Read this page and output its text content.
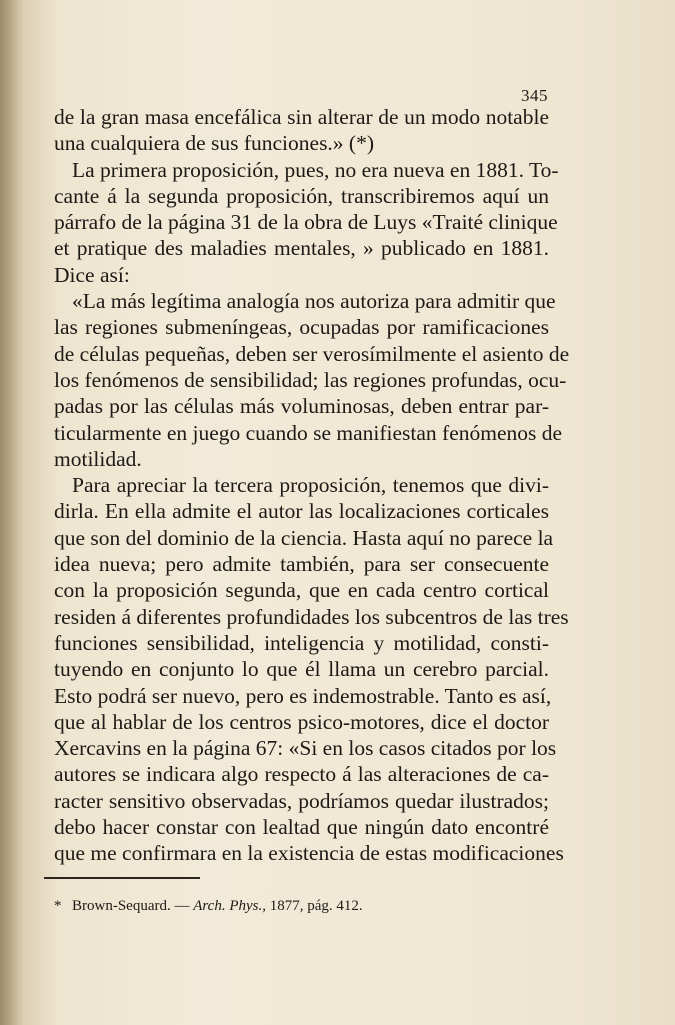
345
de la gran masa encefálica sin alterar de un modo notable
una cualquiera de sus funciones.» (*)
La primera proposición, pues, no era nueva en 1881. To-
cante á la segunda proposición, transcribiremos aquí un
párrafo de la página 31 de la obra de Luys «Traité clinique
et pratique des maladies mentales, » publicado en 1881.
Dice así:
«La más legítima analogía nos autoriza para admitir que
las regiones submeníngeas, ocupadas por ramificaciones
de células pequeñas, deben ser verosímilmente el asiento de
los fenómenos de sensibilidad; las regiones profundas, ocu-
padas por las células más voluminosas, deben entrar par-
ticularmente en juego cuando se manifiestan fenómenos de
motilidad.
Para apreciar la tercera proposición, tenemos que divi-
dirla. En ella admite el autor las localizaciones corticales
que son del dominio de la ciencia. Hasta aquí no parece la
idea nueva; pero admite también, para ser consecuente
con la proposición segunda, que en cada centro cortical
residen á diferentes profundidades los subcentros de las tres
funciones sensibilidad, inteligencia y motilidad, consti-
tuyendo en conjunto lo que él llama un cerebro parcial.
Esto podrá ser nuevo, pero es indemostrable. Tanto es así,
que al hablar de los centros psico-motores, dice el doctor
Xercavins en la página 67: «Si en los casos citados por los
autores se indicara algo respecto á las alteraciones de ca-
racter sensitivo observadas, podríamos quedar ilustrados;
debo hacer constar con lealtad que ningún dato encontré
que me confirmara en la existencia de estas modificaciones
* Brown-Sequard. — Arch. Phys., 1877, pág. 412.
